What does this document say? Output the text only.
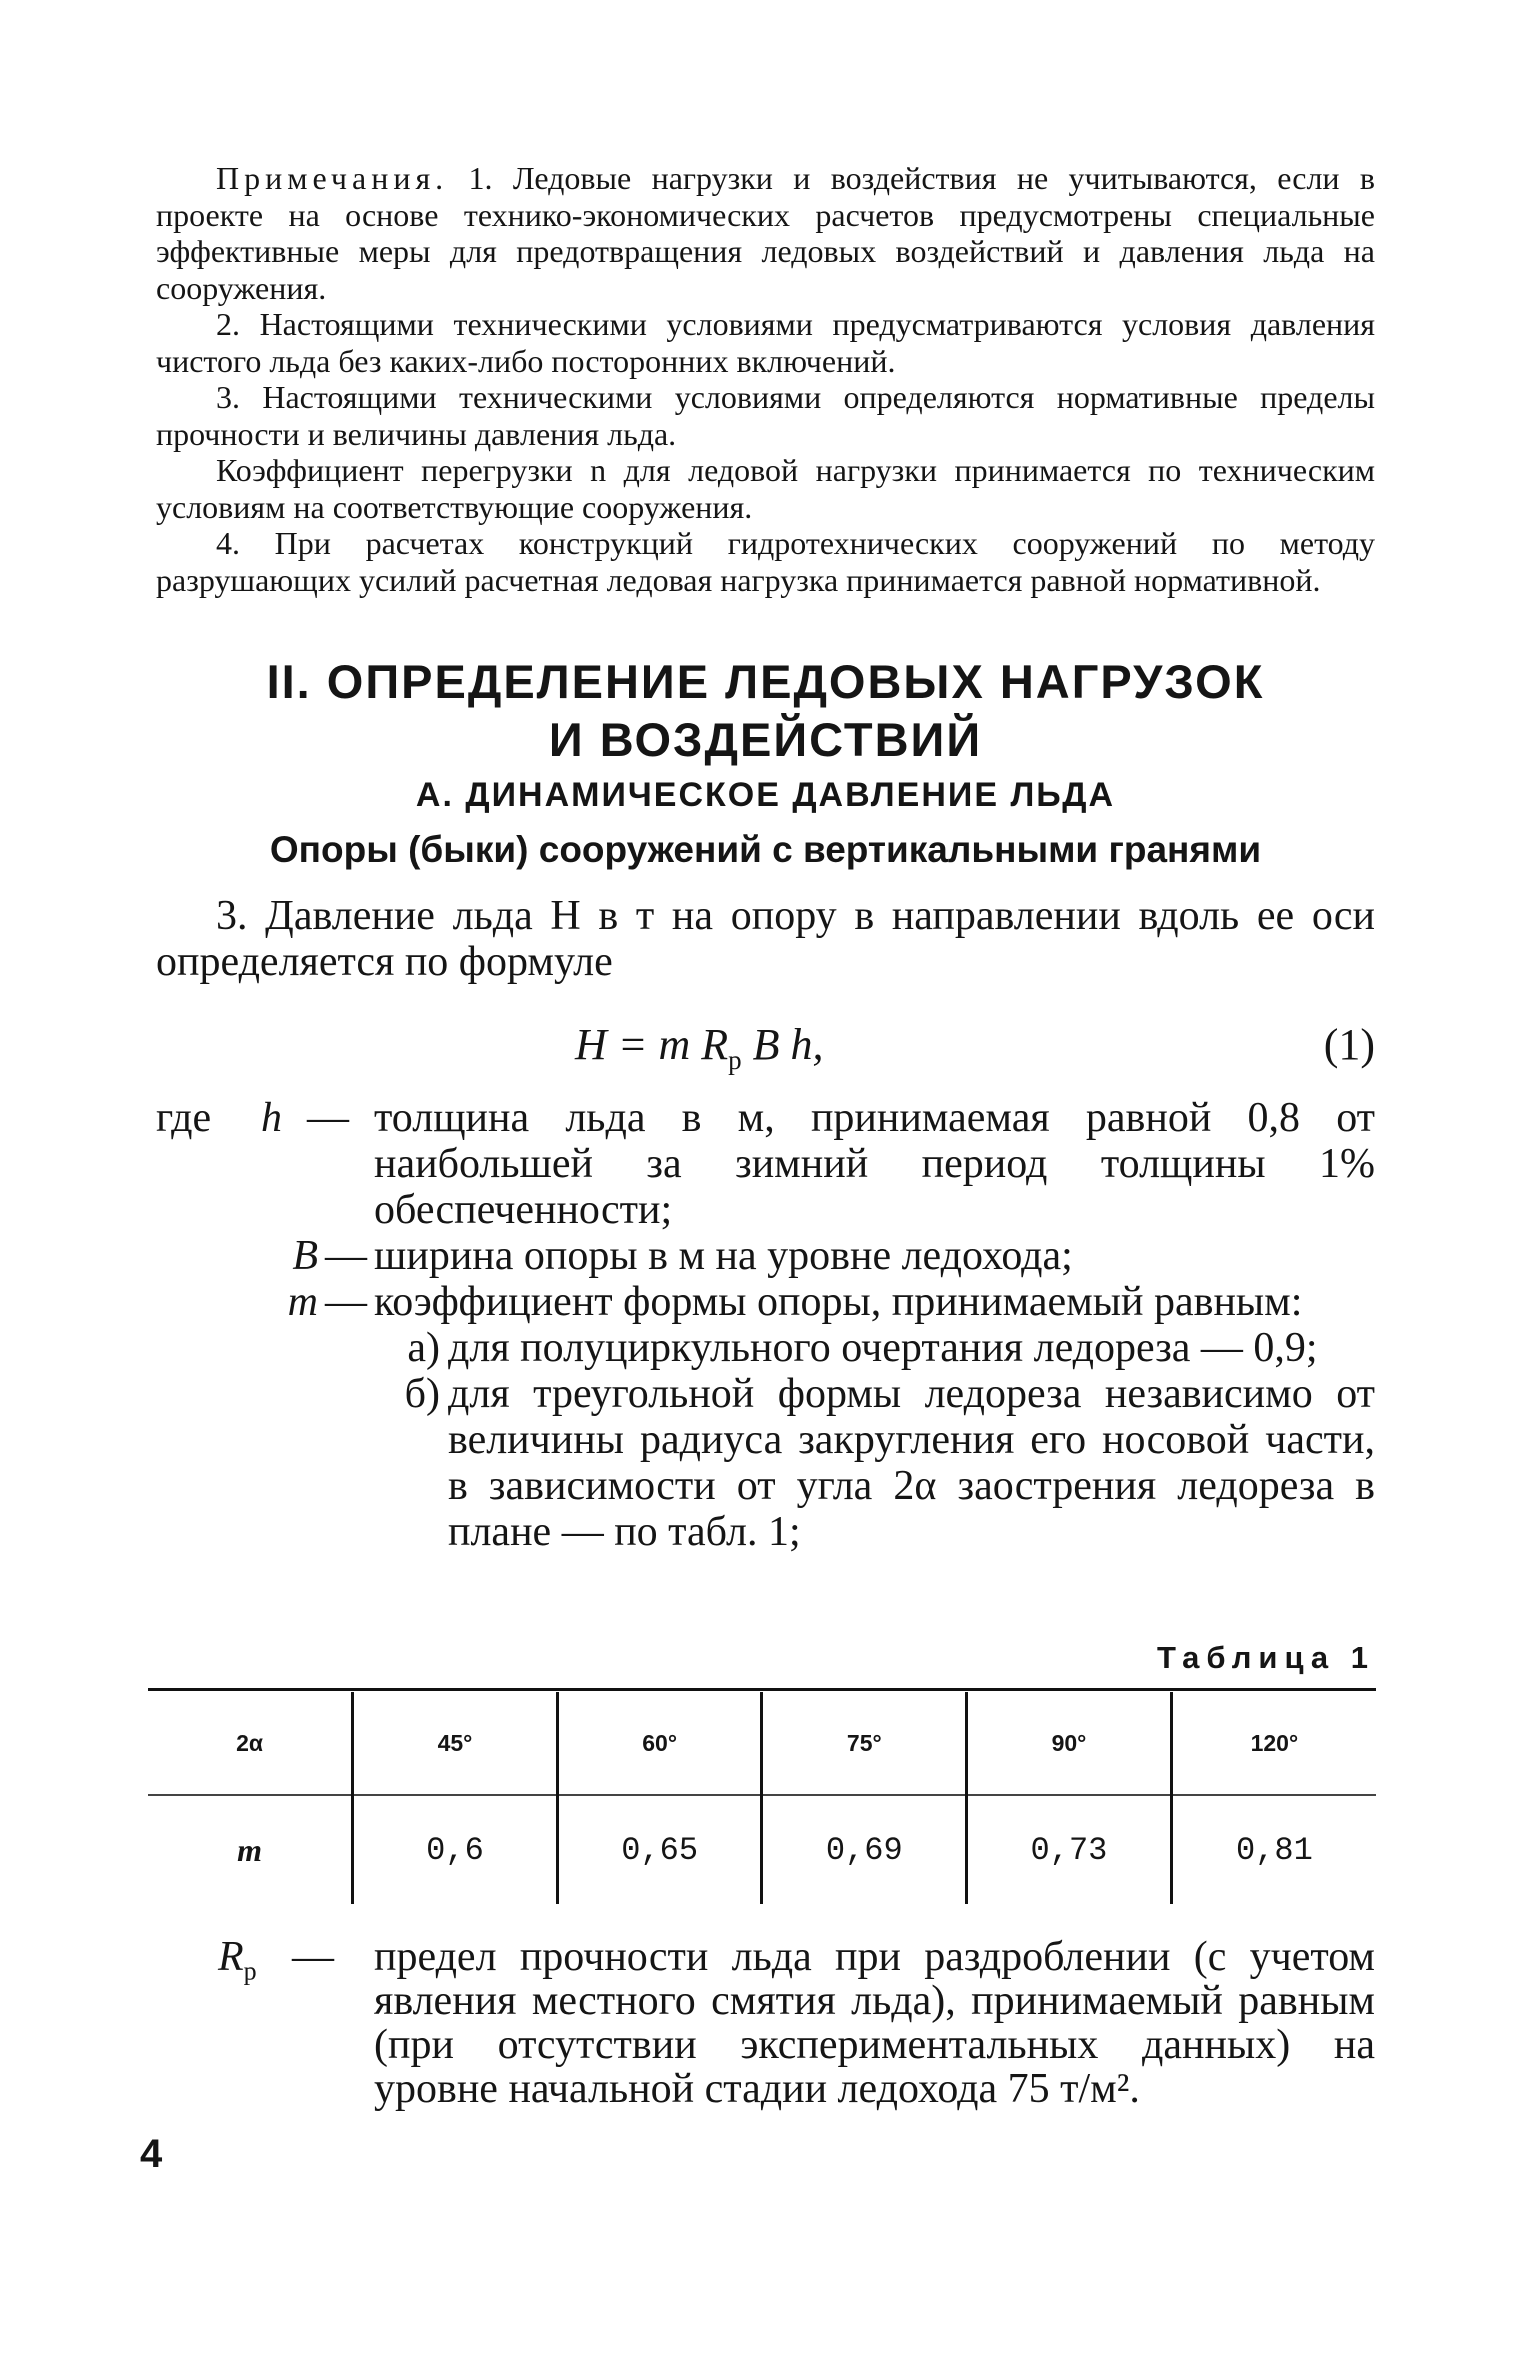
Примечания. 1. Ледовые нагрузки и воздействия не учитываются, если в проекте на основе технико-экономических расчетов предусмотрены специальные эффективные меры для предотвращения ледовых воздействий и давления льда на сооружения.

2. Настоящими техническими условиями предусматриваются условия давления чистого льда без каких-либо посторонних включений.

3. Настоящими техническими условиями определяются нормативные пределы прочности и величины давления льда.

Коэффициент перегрузки n для ледовой нагрузки принимается по техническим условиям на соответствующие сооружения.

4. При расчетах конструкций гидротехнических сооружений по методу разрушающих усилий расчетная ледовая нагрузка принимается равной нормативной.

II. ОПРЕДЕЛЕНИЕ ЛЕДОВЫХ НАГРУЗОК
И ВОЗДЕЙСТВИЙ
А. ДИНАМИЧЕСКОЕ ДАВЛЕНИЕ ЛЬДА
Опоры (быки) сооружений с вертикальными гранями

3. Давление льда H в т на опору в направлении вдоль ее оси определяется по формуле

H = m $R_р$ B h,	(1)
где	h — толщина льда в м, принимаемая равной 0,8 от наибольшей за зимний период толщины 1% обеспеченности;
B — ширина опоры в м на уровне ледохода;
m — коэффициент формы опоры, принимаемый равным:
а) для полуциркульного очертания ледореза — 0,9;
б) для треугольной формы ледореза независимо от величины радиуса закругления его носовой части, в зависимости от угла 2α заострения ледореза в плане — по табл. 1;
Таблица 1
2α	45°	60°	75°	90°	120°
m	0,6	0,65	0,69	0,73	0,81
$R_р$ — предел прочности льда при раздроблении (с учетом явления местного смятия льда), принимаемый равным (при отсутствии экспериментальных данных) на уровне начальной стадии ледохода 75 т/м².
4
